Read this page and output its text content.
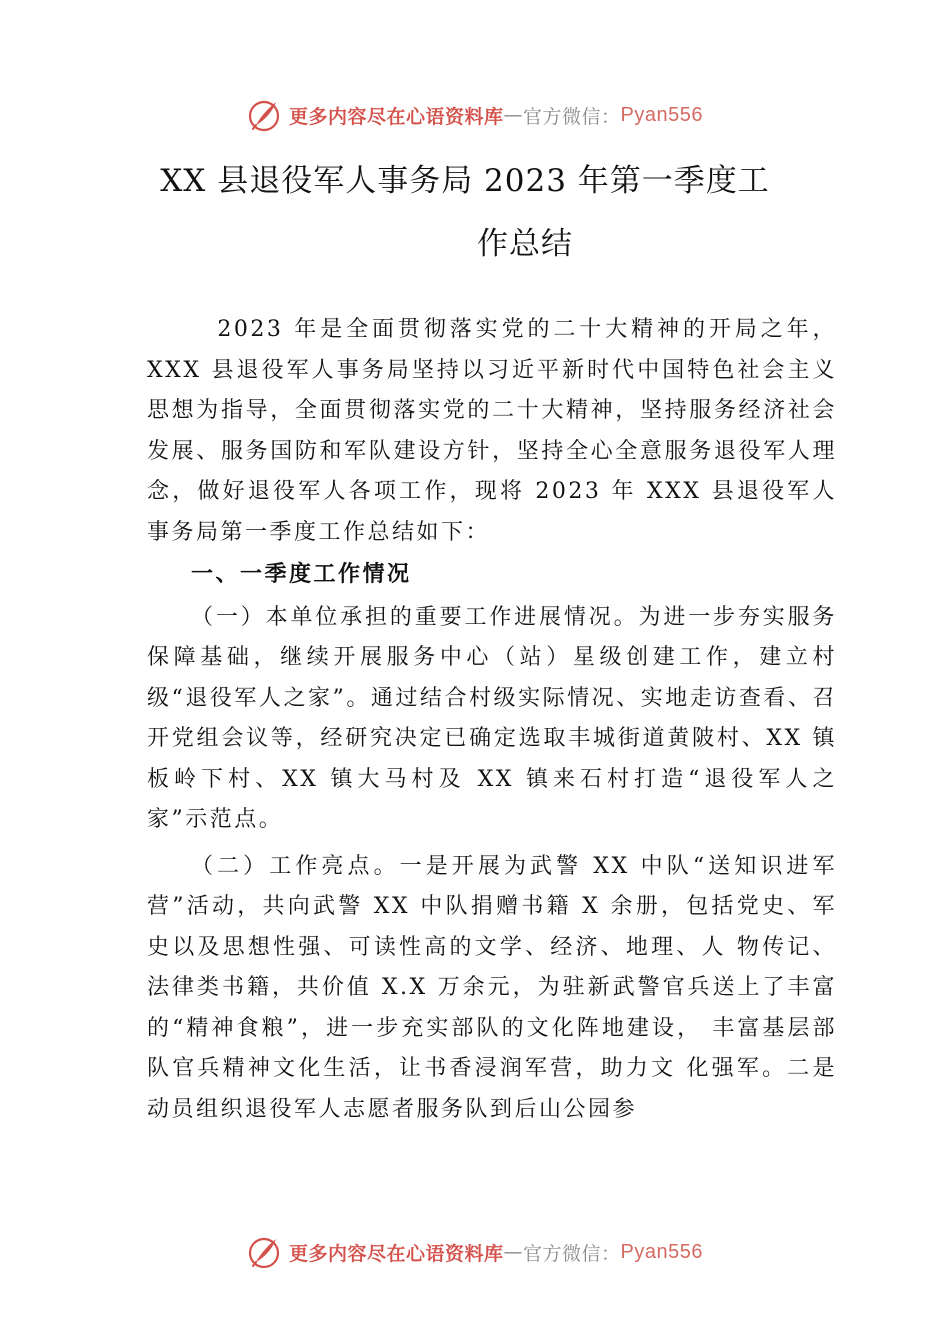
更多内容尽在心语资料库 — 官方微信： Pyan556
XX 县退役军人事务局 2023 年第一季度工
作总结

2023 年是全面贯彻落实党的二十大精神的开局之年，XXX 县退役军人事务局坚持以习近平新时代中国特色社会主义思想为指导，全面贯彻落实党的二十大精神，坚持服务经济社会发展、服务国防和军队建设方针，坚持全心全意服务退役军人理念，做好退役军人各项工作，现将 2023 年 XXX 县退役军人事务局第一季度工作总结如下：

一、一季度工作情况

（一）本单位承担的重要工作进展情况。为进一步夯实服务保障基础，继续开展服务中心（站）星级创建工作，建立村级“退役军人之家”。通过结合村级实际情况、实地走访查看、召开党组会议等，经研究决定已确定选取丰城街道黄陂村、XX 镇板岭下村、XX 镇大马村及 XX 镇来石村打造“退役军人之家”示范点。

（二）工作亮点。一是开展为武警 XX 中队“送知识进军营”活动，共向武警 XX 中队捐赠书籍 X 余册，包括党史、军史以及思想性强、可读性高的文学、经济、地理、人 物传记、法律类书籍，共价值 X.X 万余元，为驻新武警官兵送上了丰富的“精神食粮”，进一步充实部队的文化阵地建设， 丰富基层部队官兵精神文化生活，让书香浸润军营，助力文 化强军。二是动员组织退役军人志愿者服务队到后山公园参

更多内容尽在心语资料库 — 官方微信： Pyan556
